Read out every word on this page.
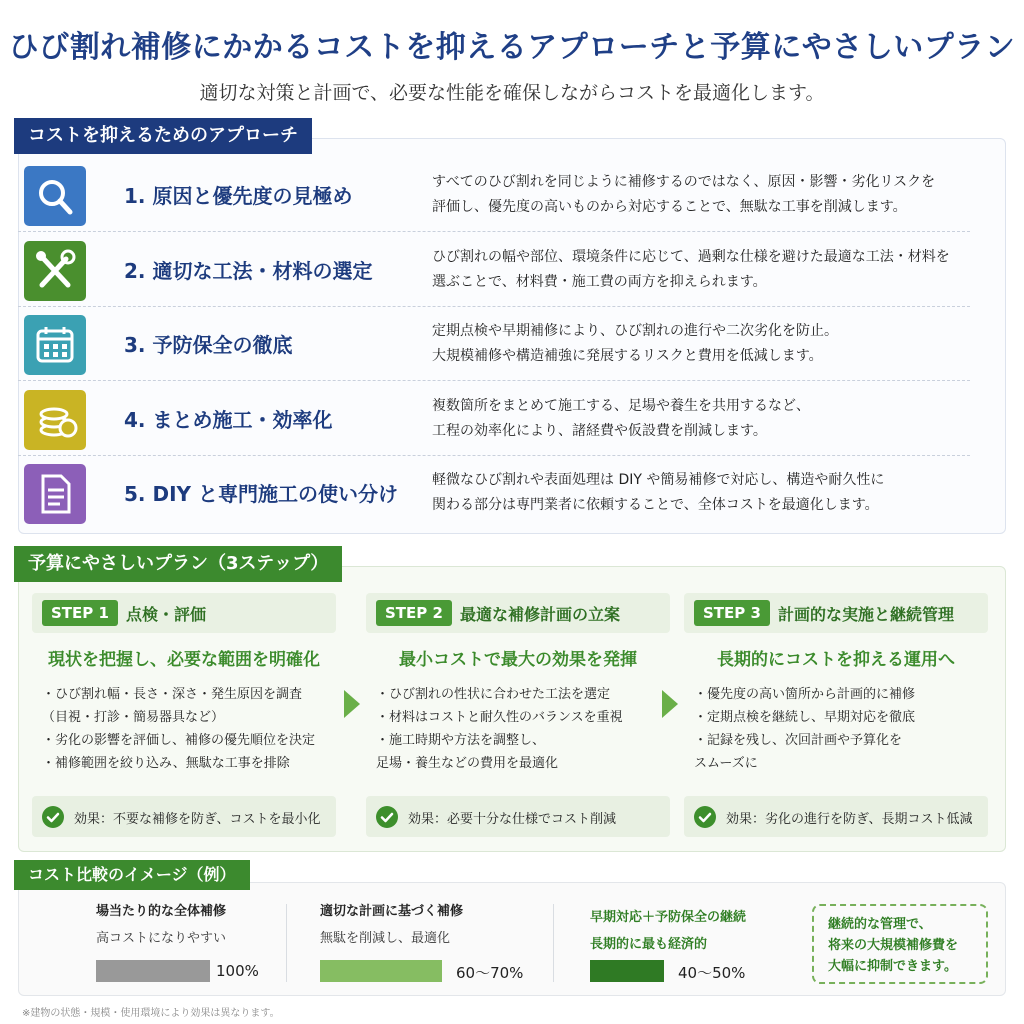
ひび割れ補修にかかるコストを抑えるアプローチと予算にやさしいプラン
適切な対策と計画で、必要な性能を確保しながらコストを最適化します。
コストを抑えるためのアプローチ
1. 原因と優先度の見極め
すべてのひび割れを同じように補修するのではなく、原因・影響・劣化リスクを
評価し、優先度の高いものから対応することで、無駄な工事を削減します。
2. 適切な工法・材料の選定
ひび割れの幅や部位、環境条件に応じて、過剰な仕様を避けた最適な工法・材料を
選ぶことで、材料費・施工費の両方を抑えられます。
3. 予防保全の徹底
定期点検や早期補修により、ひび割れの進行や二次劣化を防止。
大規模補修や構造補強に発展するリスクと費用を低減します。
4. まとめ施工・効率化
複数箇所をまとめて施工する、足場や養生を共用するなど、
工程の効率化により、諸経費や仮設費を削減します。
5. DIY と専門施工の使い分け
軽微なひび割れや表面処理は DIY や簡易補修で対応し、構造や耐久性に
関わる部分は専門業者に依頼することで、全体コストを最適化します。
予算にやさしいプラン（3ステップ）
STEP 1	点検・評価
現状を把握し、必要な範囲を明確化
・ひび割れ幅・長さ・深さ・発生原因を調査
（目視・打診・簡易器具など）
・劣化の影響を評価し、補修の優先順位を決定
・補修範囲を絞り込み、無駄な工事を排除
効果：不要な補修を防ぎ、コストを最小化
STEP 2	最適な補修計画の立案
最小コストで最大の効果を発揮
・ひび割れの性状に合わせた工法を選定
・材料はコストと耐久性のバランスを重視
・施工時期や方法を調整し、
足場・養生などの費用を最適化
効果：必要十分な仕様でコスト削減
STEP 3	計画的な実施と継続管理
長期的にコストを抑える運用へ
・優先度の高い箇所から計画的に補修
・定期点検を継続し、早期対応を徹底
・記録を残し、次回計画や予算化を
スムーズに
効果：劣化の進行を防ぎ、長期コスト低減
コスト比較のイメージ（例）
場当たり的な全体補修
高コストになりやすい
100%
適切な計画に基づく補修
無駄を削減し、最適化
60〜70%
早期対応＋予防保全の継続
長期的に最も経済的
40〜50%
継続的な管理で、
将来の大規模補修費を
大幅に抑制できます。
※建物の状態・規模・使用環境により効果は異なります。
